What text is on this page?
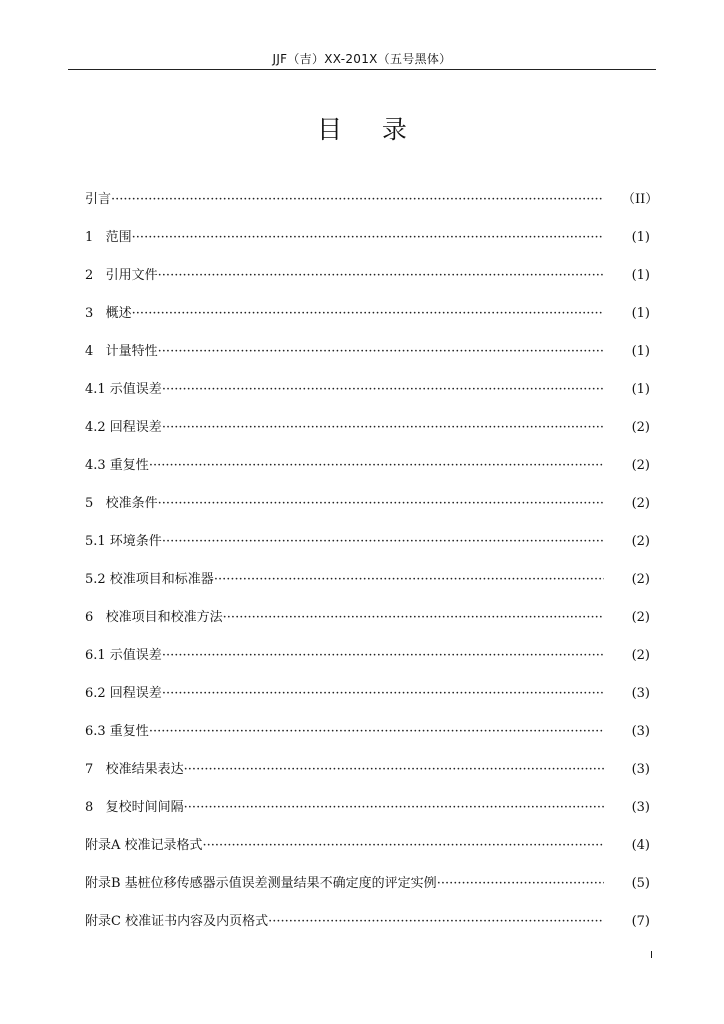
JJF（吉）XX-201X（五号黑体）
目     录
引言 ·····	（II）
1   范围 ·····	(1)
2   引用文件 ·····	(1)
3   概述 ·····	(1)
4   计量特性 ·····	(1)
4.1 示值误差 ·····	(1)
4.2 回程误差 ·····	(2)
4.3 重复性 ·····	(2)
5   校准条件 ·····	(2)
5.1 环境条件 ·····	(2)
5.2 校准项目和标准器 ·····	(2)
6   校准项目和校准方法 ·····	(2)
6.1 示值误差 ·····	(2)
6.2 回程误差 ·····	(3)
6.3 重复性 ·····	(3)
7   校准结果表达 ·····	(3)
8   复校时间间隔 ·····	(3)
附录A 校准记录格式 ·····	(4)
附录B 基桩位移传感器示值误差测量结果不确定度的评定实例 ·····	(5)
附录C 校准证书内容及内页格式 ·····	(7)
I
